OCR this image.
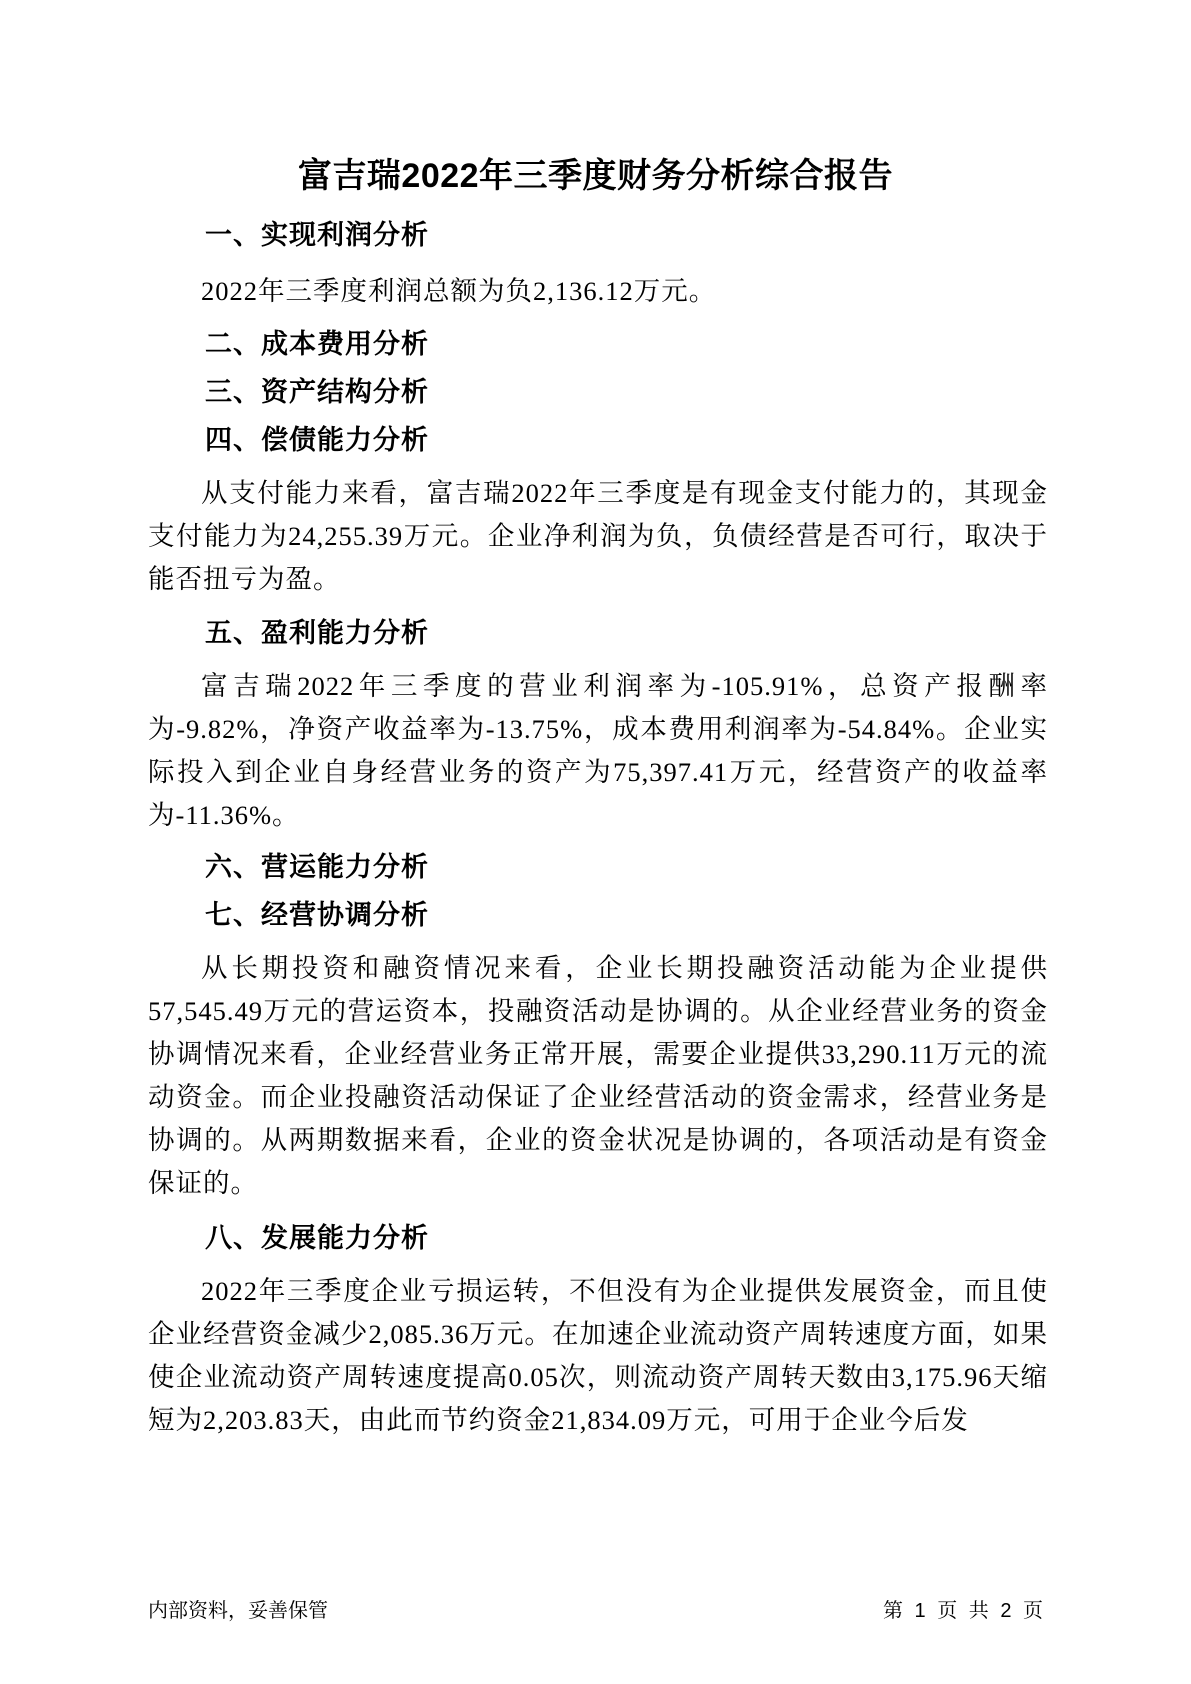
富吉瑞2022年三季度财务分析综合报告
一、实现利润分析

2022年三季度利润总额为负2,136.12万元。

二、成本费用分析
三、资产结构分析
四、偿债能力分析

从支付能力来看，富吉瑞2022年三季度是有现金支付能力的，其现金支付能力为24,255.39万元。企业净利润为负，负债经营是否可行，取决于能否扭亏为盈。

五、盈利能力分析

富吉瑞2022年三季度的营业利润率为-105.91%，总资产报酬率为-9.82%，净资产收益率为-13.75%，成本费用利润率为-54.84%。企业实际投入到企业自身经营业务的资产为75,397.41万元，经营资产的收益率为-11.36%。

六、营运能力分析
七、经营协调分析

从长期投资和融资情况来看，企业长期投融资活动能为企业提供57,545.49万元的营运资本，投融资活动是协调的。从企业经营业务的资金协调情况来看，企业经营业务正常开展，需要企业提供33,290.11万元的流动资金。而企业投融资活动保证了企业经营活动的资金需求，经营业务是协调的。从两期数据来看，企业的资金状况是协调的，各项活动是有资金保证的。

八、发展能力分析

2022年三季度企业亏损运转，不但没有为企业提供发展资金，而且使企业经营资金减少2,085.36万元。在加速企业流动资产周转速度方面，如果使企业流动资产周转速度提高0.05次，则流动资产周转天数由3,175.96天缩短为2,203.83天，由此而节约资金21,834.09万元，可用于企业今后发

内部资料，妥善保管	第 1 页 共 2 页
